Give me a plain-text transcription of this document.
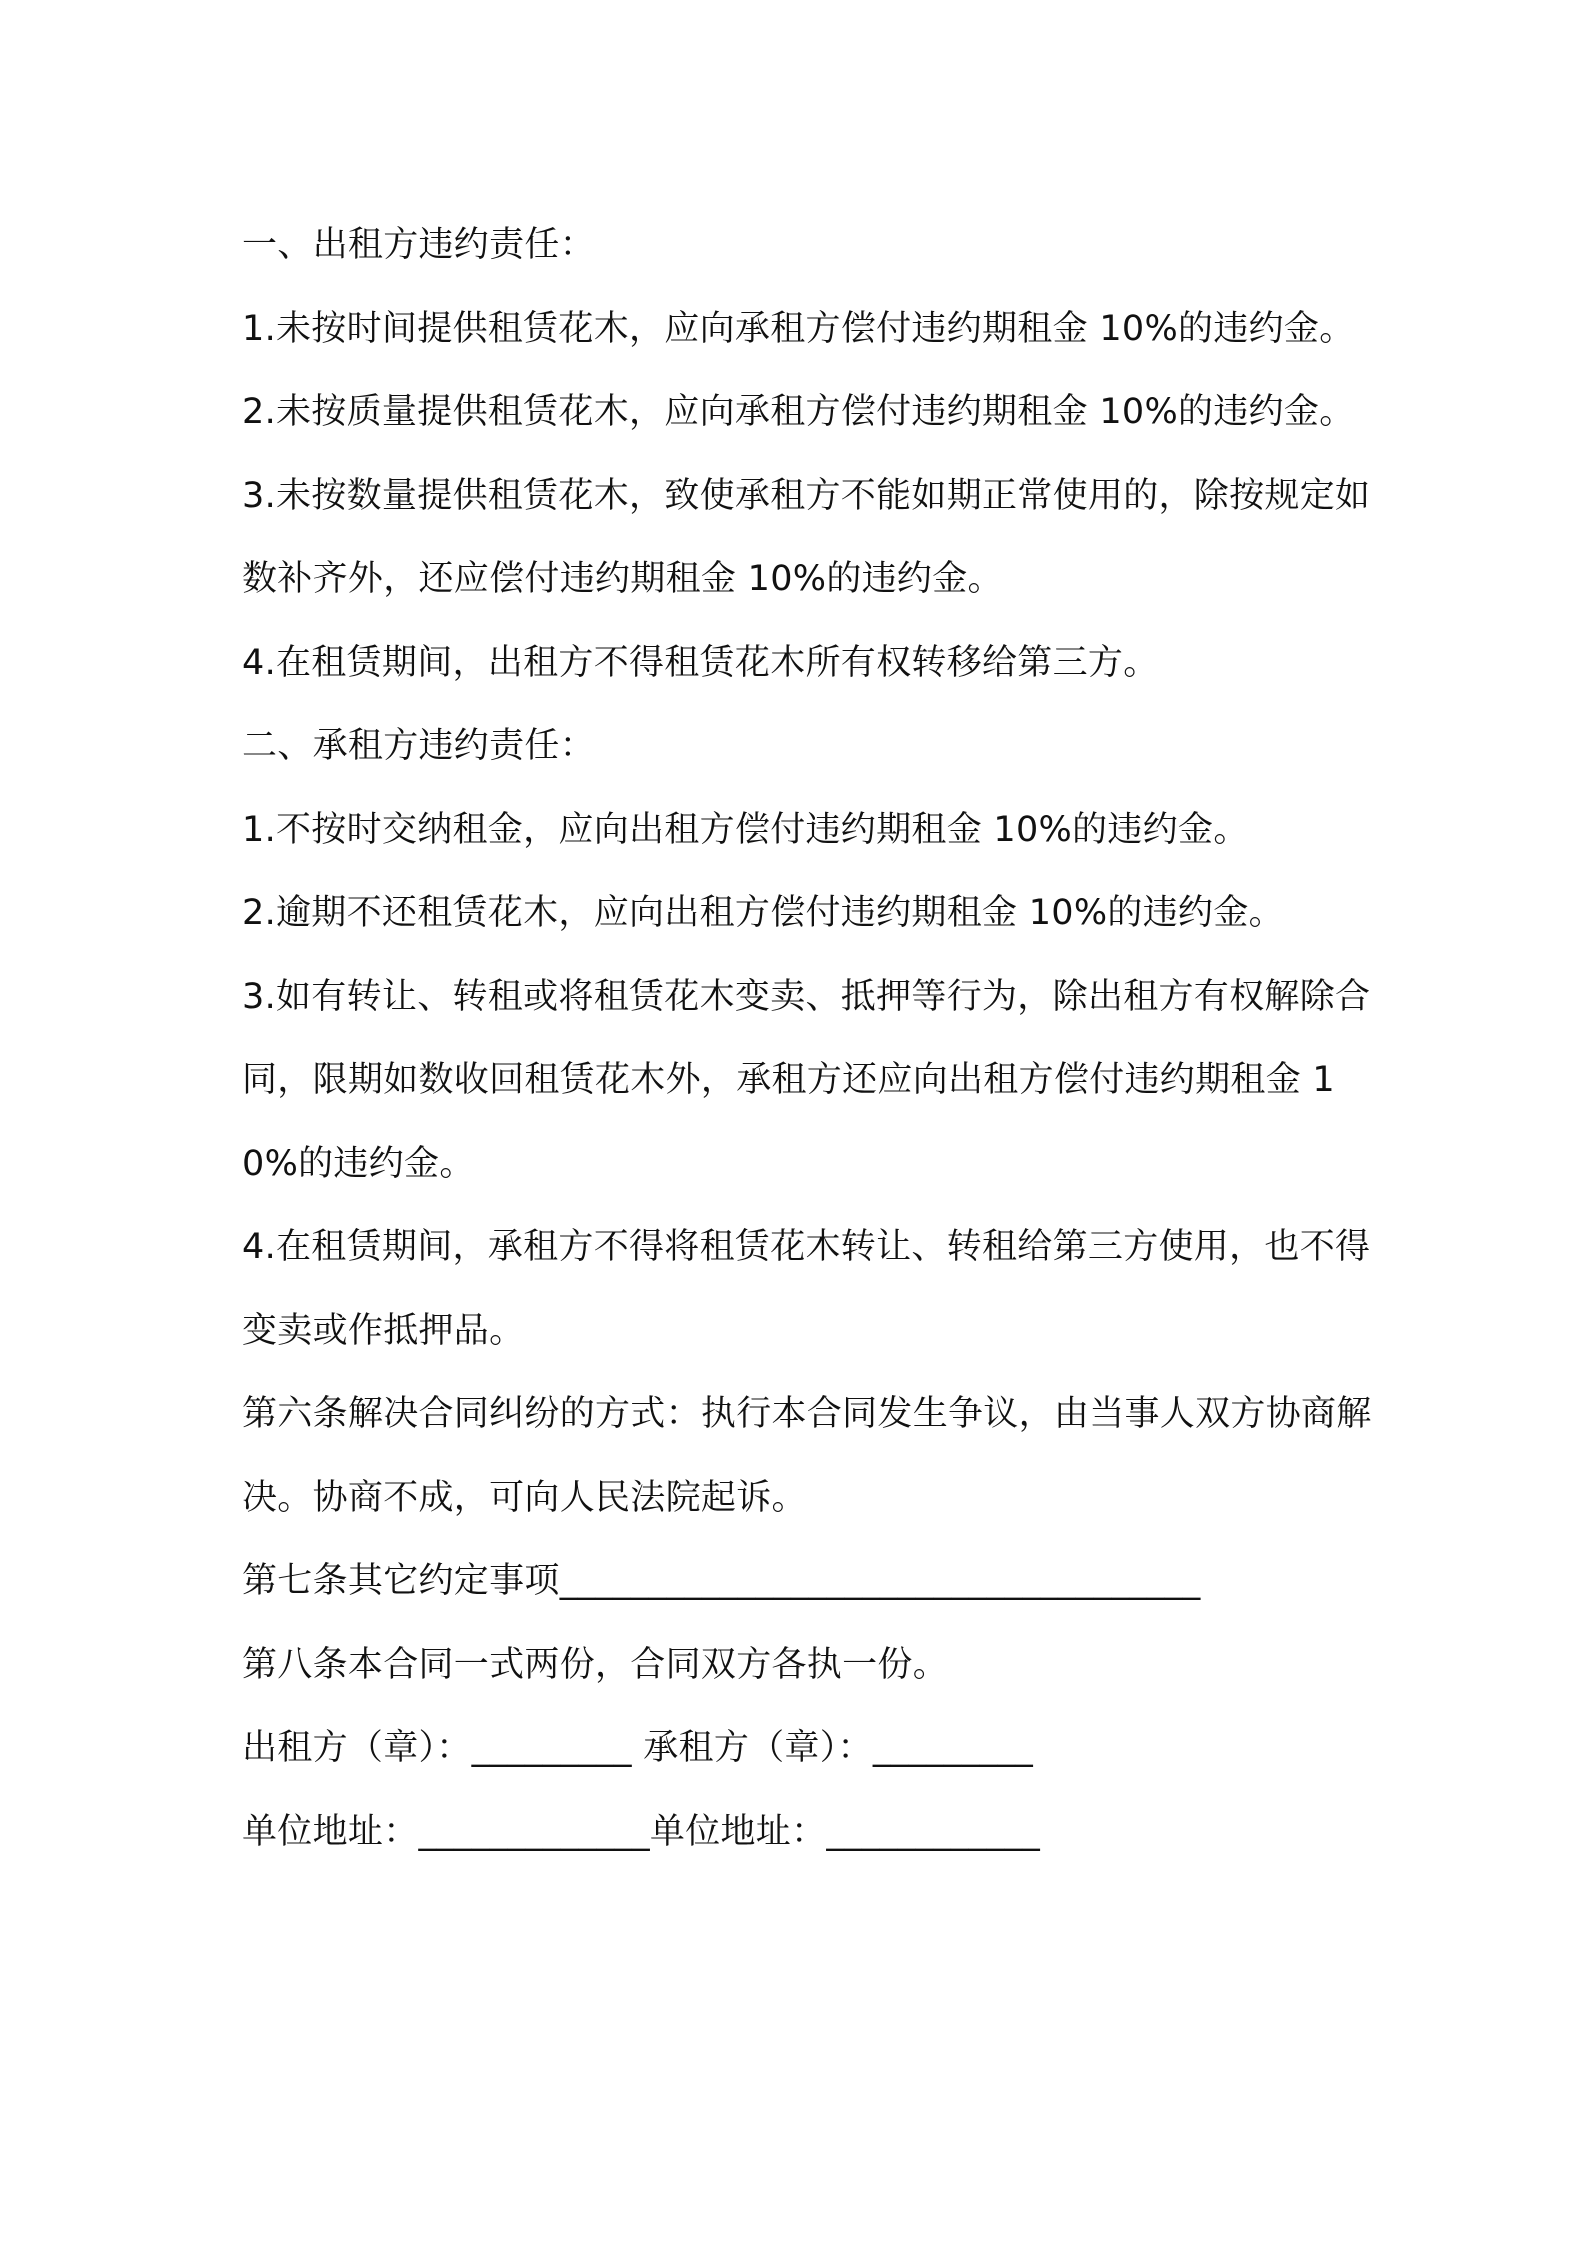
一、出租方违约责任：

1.未按时间提供租赁花木，应向承租方偿付违约期租金 10%的违约金。

2.未按质量提供租赁花木，应向承租方偿付违约期租金 10%的违约金。

3.未按数量提供租赁花木，致使承租方不能如期正常使用的，除按规定如数补齐外，还应偿付违约期租金 10%的违约金。

4.在租赁期间，出租方不得租赁花木所有权转移给第三方。

二、承租方违约责任：

1.不按时交纳租金，应向出租方偿付违约期租金 10%的违约金。

2.逾期不还租赁花木，应向出租方偿付违约期租金 10%的违约金。

3.如有转让、转租或将租赁花木变卖、抵押等行为，除出租方有权解除合同，限期如数收回租赁花木外，承租方还应向出租方偿付违约期租金 10%的违约金。

4.在租赁期间，承租方不得将租赁花木转让、转租给第三方使用，也不得变卖或作抵押品。

第六条解决合同纠纷的方式：执行本合同发生争议，由当事人双方协商解决。协商不成，可向人民法院起诉。

第七条其它约定事项____________________________________

第八条本合同一式两份，合同双方各执一份。

出租方（章）：_________ 承租方（章）：_________

单位地址：_____________单位地址：____________
